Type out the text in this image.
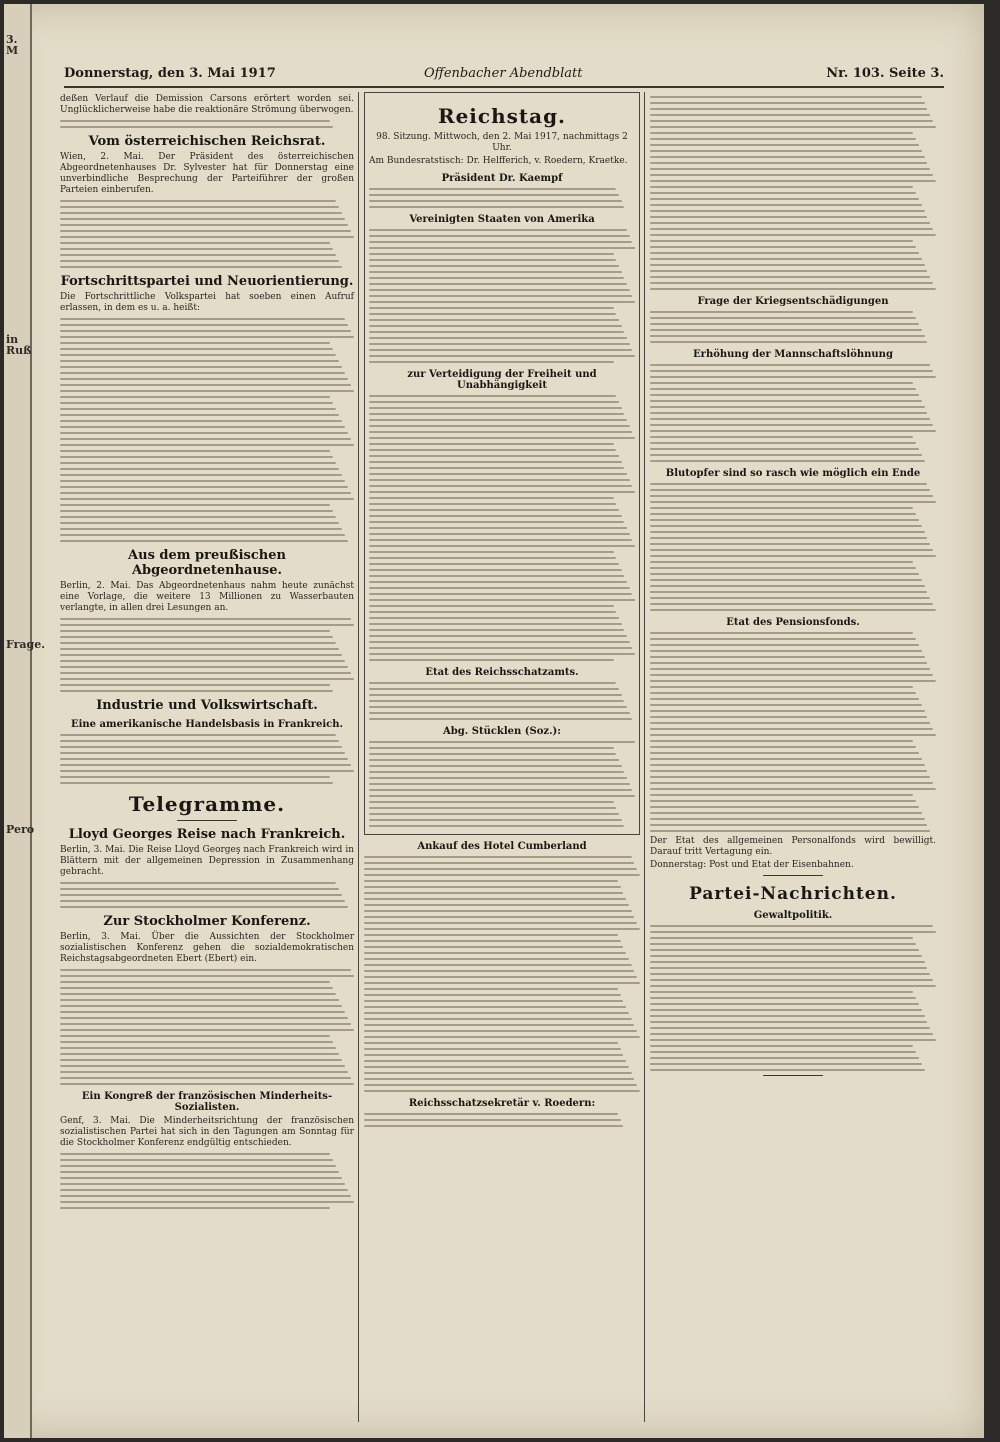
3. M
in Ruß
Frage.
Pero
Donnerstag, den 3. Mai 1917	Offenbacher Abendblatt	Nr. 103. Seite 3.
deßen Verlauf die Demission Carsons erörtert worden sei. Unglücklicherweise habe die reaktionäre Strömung überwogen.
Vom österreichischen Reichsrat.
Wien, 2. Mai. Der Präsident des österreichischen Abgeordnetenhauses Dr. Sylvester hat für Donnerstag eine unverbindliche Besprechung der Parteiführer der großen Parteien einberufen.
Fortschrittspartei und Neuorientierung.
Die Fortschrittliche Volkspartei hat soeben einen Aufruf erlassen, in dem es u. a. heißt:
Aus dem preußischen Abgeordnetenhause.
Berlin, 2. Mai. Das Abgeordnetenhaus nahm heute zunächst eine Vorlage, die weitere 13 Millionen zu Wasserbauten verlangte, in allen drei Lesungen an.
Industrie und Volkswirtschaft.
Eine amerikanische Handelsbasis in Frankreich.
Telegramme.
Lloyd Georges Reise nach Frankreich.
Berlin, 3. Mai. Die Reise Lloyd Georgeş nach Frankreich wird in Blättern mit der allgemeinen Depression in Zusammenhang gebracht.
Zur Stockholmer Konferenz.
Berlin, 3. Mai. Über die Aussichten der Stockholmer sozialistischen Konferenz gehen die sozialdemokratischen Reichstagsabgeordneten Ebert (Ebert) ein.
Ein Kongreß der französischen Minderheits-Sozialisten.
Genf, 3. Mai. Die Minderheitsrichtung der französischen sozialistischen Partei hat sich in den Tagungen am Sonntag für die Stockholmer Konferenz endgültig entschieden.
Reichstag.
98. Sitzung. Mittwoch, den 2. Mai 1917, nachmittags 2 Uhr.
Am Bundesratstisch: Dr. Helfferich, v. Roedern, Kraetke.
Präsident Dr. Kaempf
Vereinigten Staaten von Amerika
zur Verteidigung der Freiheit und Unabhängigkeit
Etat des Reichsschatzamts.
Abg. Stücklen (Soz.):
Ankauf des Hotel Cumberland
Reichsschatzsekretär v. Roedern:
Frage der Kriegsentschädigungen
Erhöhung der Mannschaftslöhnung
Blutopfer sind so rasch wie möglich ein Ende
Etat des Pensionsfonds.
Der Etat des allgemeinen Personalfonds wird bewilligt. Darauf tritt Vertagung ein.
Donnerstag: Post und Etat der Eisenbahnen.
Partei-Nachrichten.
Gewaltpolitik.
